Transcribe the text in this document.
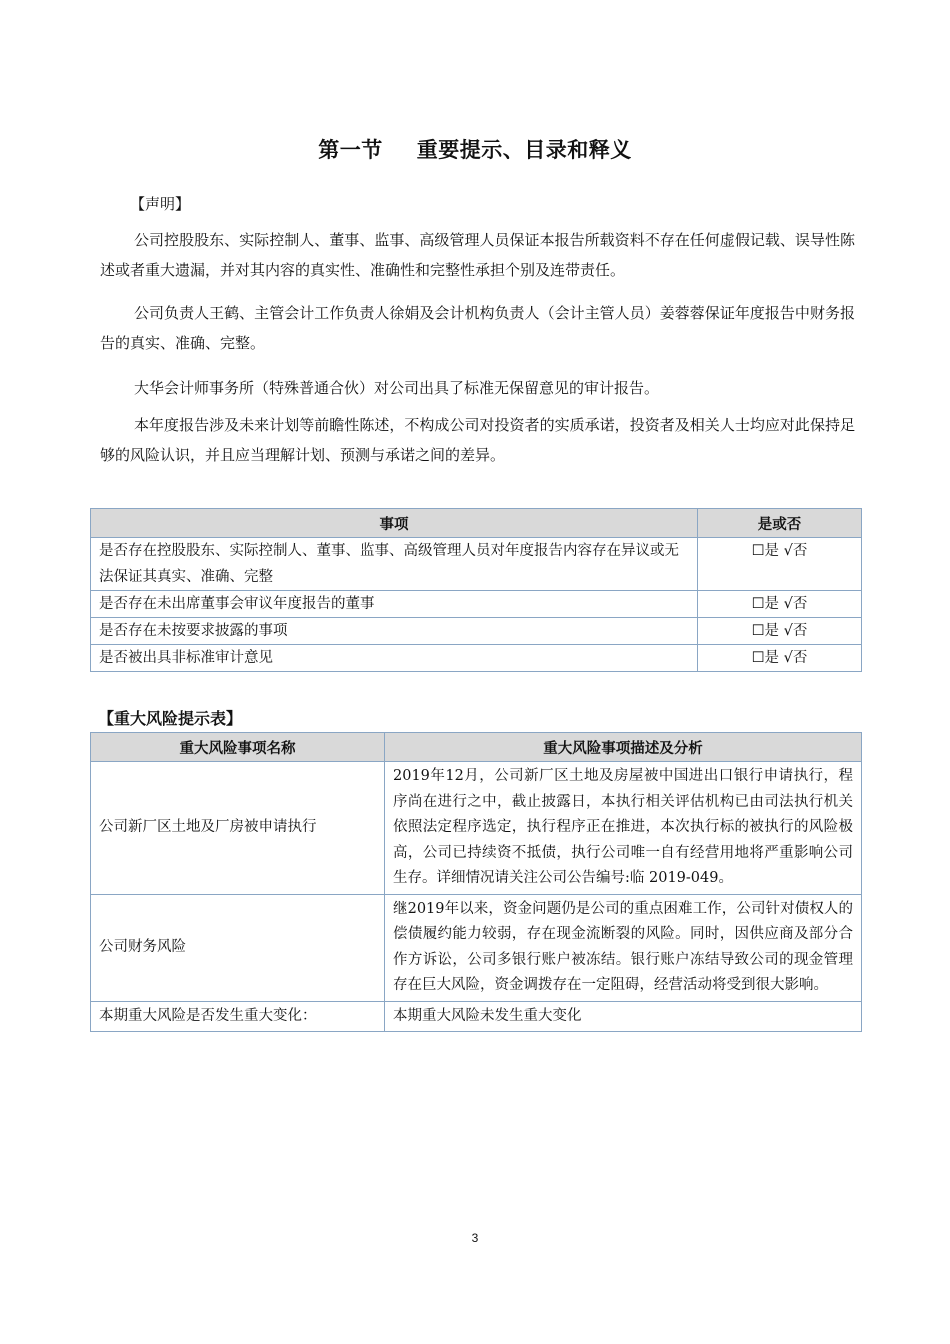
第一节 重要提示、目录和释义

【声明】

公司控股股东、实际控制人、董事、监事、高级管理人员保证本报告所载资料不存在任何虚假记载、误导性陈述或者重大遗漏，并对其内容的真实性、准确性和完整性承担个别及连带责任。

公司负责人王鹤、主管会计工作负责人徐娟及会计机构负责人（会计主管人员）姜蓉蓉保证年度报告中财务报告的真实、准确、完整。

大华会计师事务所（特殊普通合伙）对公司出具了标准无保留意见的审计报告。

本年度报告涉及未来计划等前瞻性陈述，不构成公司对投资者的实质承诺，投资者及相关人士均应对此保持足够的风险认识，并且应当理解计划、预测与承诺之间的差异。

事项	是或否
是否存在控股股东、实际控制人、董事、监事、高级管理人员对年度报告内容存在异议或无法保证其真实、准确、完整	☐是 √否
是否存在未出席董事会审议年度报告的董事	☐是 √否
是否存在未按要求披露的事项	☐是 √否
是否被出具非标准审计意见	☐是 √否
【重大风险提示表】
重大风险事项名称	重大风险事项描述及分析
公司新厂区土地及厂房被申请执行	2019年12月，公司新厂区土地及房屋被中国进出口银行申请执行，程序尚在进行之中，截止披露日，本执行相关评估机构已由司法执行机关依照法定程序选定，执行程序正在推进，本次执行标的被执行的风险极高，公司已持续资不抵债，执行公司唯一自有经营用地将严重影响公司生存。详细情况请关注公司公告编号:临 2019-049。
公司财务风险	继2019年以来，资金问题仍是公司的重点困难工作，公司针对债权人的偿债履约能力较弱，存在现金流断裂的风险。同时，因供应商及部分合作方诉讼，公司多银行账户被冻结。银行账户冻结导致公司的现金管理存在巨大风险，资金调拨存在一定阻碍，经营活动将受到很大影响。
本期重大风险是否发生重大变化：	本期重大风险未发生重大变化
3
